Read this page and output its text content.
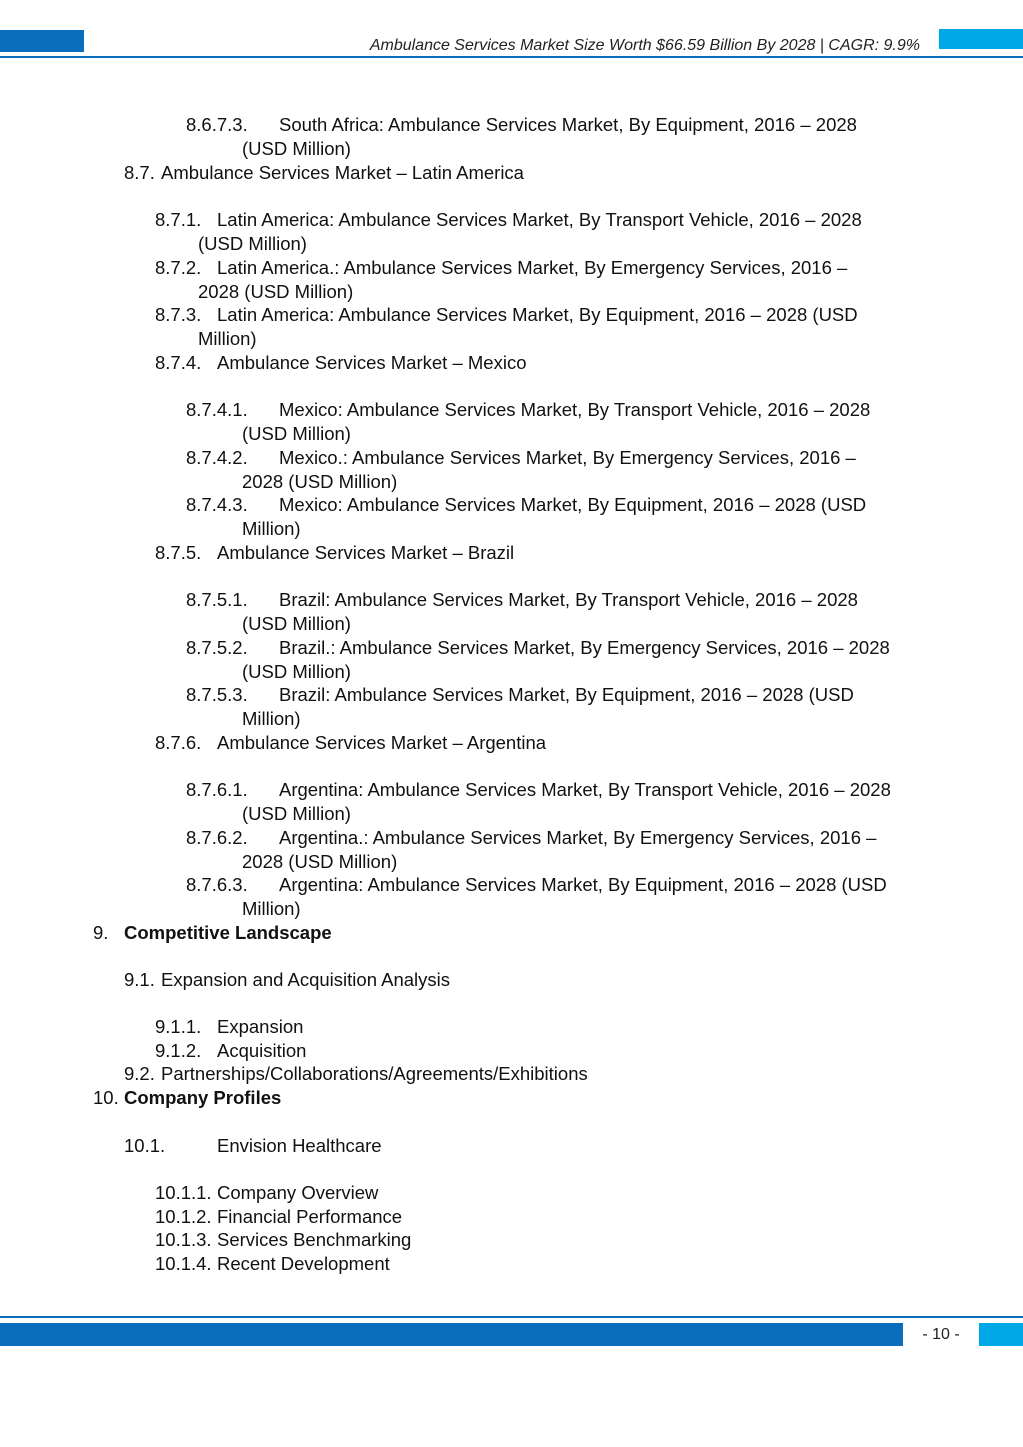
Ambulance Services Market Size Worth $66.59 Billion By 2028 | CAGR: 9.9%
8.6.7.3. South Africa: Ambulance Services Market, By Equipment, 2016 – 2028
(USD Million)
8.7. Ambulance Services Market – Latin America
8.7.1. Latin America: Ambulance Services Market, By Transport Vehicle, 2016 – 2028
(USD Million)
8.7.2. Latin America.: Ambulance Services Market, By Emergency Services, 2016 –
2028 (USD Million)
8.7.3. Latin America: Ambulance Services Market, By Equipment, 2016 – 2028 (USD
Million)
8.7.4. Ambulance Services Market – Mexico
8.7.4.1. Mexico: Ambulance Services Market, By Transport Vehicle, 2016 – 2028
(USD Million)
8.7.4.2. Mexico.: Ambulance Services Market, By Emergency Services, 2016 –
2028 (USD Million)
8.7.4.3. Mexico: Ambulance Services Market, By Equipment, 2016 – 2028 (USD
Million)
8.7.5. Ambulance Services Market – Brazil
8.7.5.1. Brazil: Ambulance Services Market, By Transport Vehicle, 2016 – 2028
(USD Million)
8.7.5.2. Brazil.: Ambulance Services Market, By Emergency Services, 2016 – 2028
(USD Million)
8.7.5.3. Brazil: Ambulance Services Market, By Equipment, 2016 – 2028 (USD
Million)
8.7.6. Ambulance Services Market – Argentina
8.7.6.1. Argentina: Ambulance Services Market, By Transport Vehicle, 2016 – 2028
(USD Million)
8.7.6.2. Argentina.: Ambulance Services Market, By Emergency Services, 2016 –
2028 (USD Million)
8.7.6.3. Argentina: Ambulance Services Market, By Equipment, 2016 – 2028 (USD
Million)
9. Competitive Landscape
9.1. Expansion and Acquisition Analysis
9.1.1. Expansion
9.1.2. Acquisition
9.2. Partnerships/Collaborations/Agreements/Exhibitions
10. Company Profiles
10.1.	Envision Healthcare
10.1.1. Company Overview
10.1.2. Financial Performance
10.1.3. Services Benchmarking
10.1.4. Recent Development
- 10 -
